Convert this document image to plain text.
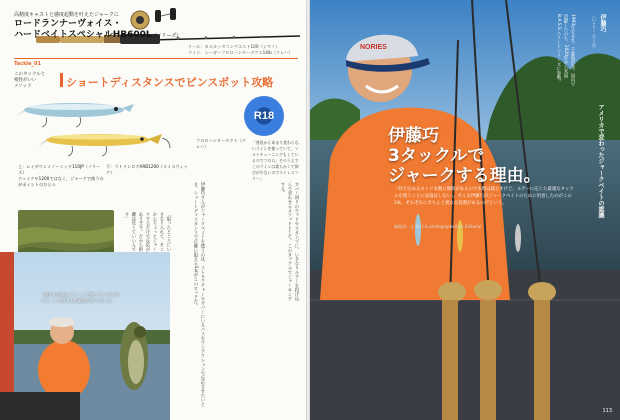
高精度キャストと感度起動を叶えたジャークに
ロードランナーヴォイス・
ハードベイトスペシャルHB600L（ノリーズ）
リール：カルカッタコンクエスト100（シマノ）
ライン：シーガーフロロハンターデクス14lb（クレハ）
Tackle_01
このタックルと
相性がいい
メソッド	ショートディスタンスでピンスポット攻略
上：レイダウンミノーミッド110JP（ノリーズ）
ウェイクや1200ではなく、ジャークで使うのがポイントのひとつ
下：ラトリンログARB1200（スミスウィック）
R18
フロロハンタータクト（クレハ）
「普段からあまり変わらないラインを使っていて、ソルトチューニングもしているのでフロロ。そのうえでこのラインは柔らかくて伸びが少ないのでストレスフリー」
カバー回りのウッドやスタンプに、いきなりルアーを投げ込んで食わせるメソッドとして、このタックルでジャーキングする。
伊藤巧さんがジャークベイトを使うのは、ストラクチャーやカバーにいるバスをワンアクションで反応させたいとき。ショートディスタンスで正確に狙える1本がこのロッドだ。
「狙ったところにいきなり入れて、そこからちょっとジャークするだけで反応があります。だから距離は近くていいんです」
「朝から何本かジャークで釣っていたのでスタートの時点では確信がありました」
NORIES
伊藤巧
3タックルで
ジャークする理由。
「持ち込めるロッド本数に制限があるので本数は減らすけど、ルアーに応じた最適なタックルを使うことに妥協はしない」。そんな伊藤巧がジャークベイトのために用意したのがこの3本。それぞれにきちんと異なる役割があるのだという。
編集部＝文 Text & photographed by Editorial
伊藤巧
（いとう・たくみ）
1993年生まれ。千葉県出身。国内で活躍したのち、2020年から米国B.A.S.S.エリートシリーズに参戦。
アメリカで変わったジャークベイトの認識
113
